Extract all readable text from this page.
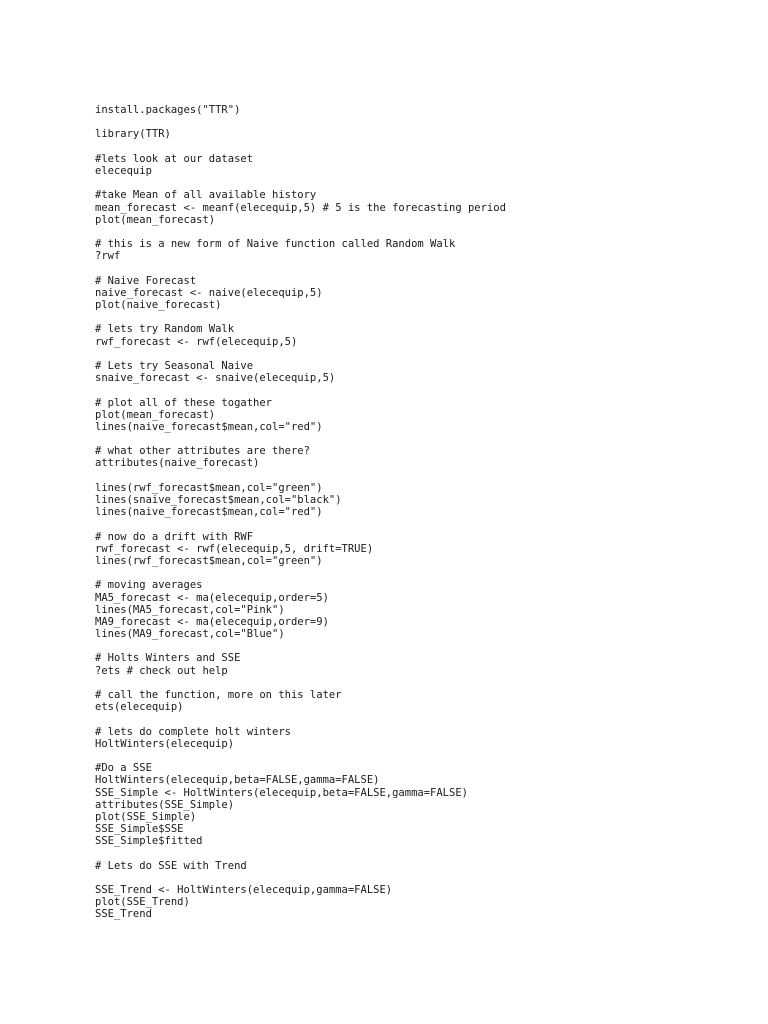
install.packages("TTR")
library(TTR)
#lets look at our dataset
elecequip
#take Mean of all available history
mean_forecast <- meanf(elecequip,5) # 5 is the forecasting period
plot(mean_forecast)
# this is a new form of Naive function called Random Walk
?rwf
# Naive Forecast
naive_forecast <- naive(elecequip,5)
plot(naive_forecast)
# lets try Random Walk
rwf_forecast <- rwf(elecequip,5)
# Lets try Seasonal Naive
snaive_forecast <- snaive(elecequip,5)
# plot all of these togather
plot(mean_forecast)
lines(naive_forecast$mean,col="red")
# what other attributes are there?
attributes(naive_forecast)
lines(rwf_forecast$mean,col="green")
lines(snaive_forecast$mean,col="black")
lines(naive_forecast$mean,col="red")
# now do a drift with RWF
rwf_forecast <- rwf(elecequip,5, drift=TRUE)
lines(rwf_forecast$mean,col="green")
# moving averages
MA5_forecast <- ma(elecequip,order=5)
lines(MA5_forecast,col="Pink")
MA9_forecast <- ma(elecequip,order=9)
lines(MA9_forecast,col="Blue")
# Holts Winters and SSE
?ets # check out help
# call the function, more on this later
ets(elecequip)
# lets do complete holt winters
HoltWinters(elecequip)
#Do a SSE
HoltWinters(elecequip,beta=FALSE,gamma=FALSE)
SSE_Simple <- HoltWinters(elecequip,beta=FALSE,gamma=FALSE)
attributes(SSE_Simple)
plot(SSE_Simple)
SSE_Simple$SSE
SSE_Simple$fitted
# Lets do SSE with Trend
SSE_Trend <- HoltWinters(elecequip,gamma=FALSE)
plot(SSE_Trend)
SSE_Trend
